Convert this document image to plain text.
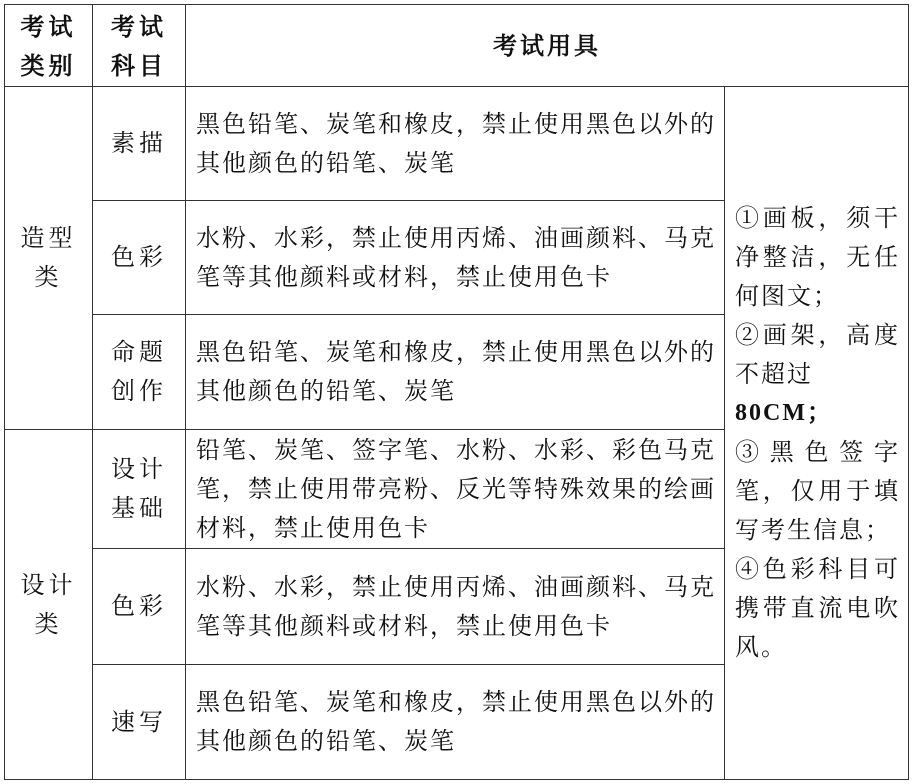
考试类别	考试科目	考试用具	
造型类	素描	黑色铅笔、炭笔和橡皮，禁止使用黑色以外的其他颜色的铅笔、炭笔	①画板，须干净整洁，无任何图文；
②画架，高度不超过
80CM；
③黑色签字笔，仅用于填写考生信息；
④色彩科目可携带直流电吹风。

	色彩	水粉、水彩，禁止使用丙烯、油画颜料、马克笔等其他颜料或材料，禁止使用色卡	
	命题创作	黑色铅笔、炭笔和橡皮，禁止使用黑色以外的其他颜色的铅笔、炭笔	
设计类	设计基础	铅笔、炭笔、签字笔、水粉、水彩、彩色马克笔，禁止使用带亮粉、反光等特殊效果的绘画材料，禁止使用色卡	
	色彩	水粉、水彩，禁止使用丙烯、油画颜料、马克笔等其他颜料或材料，禁止使用色卡	
	速写	黑色铅笔、炭笔和橡皮，禁止使用黑色以外的其他颜色的铅笔、炭笔	
